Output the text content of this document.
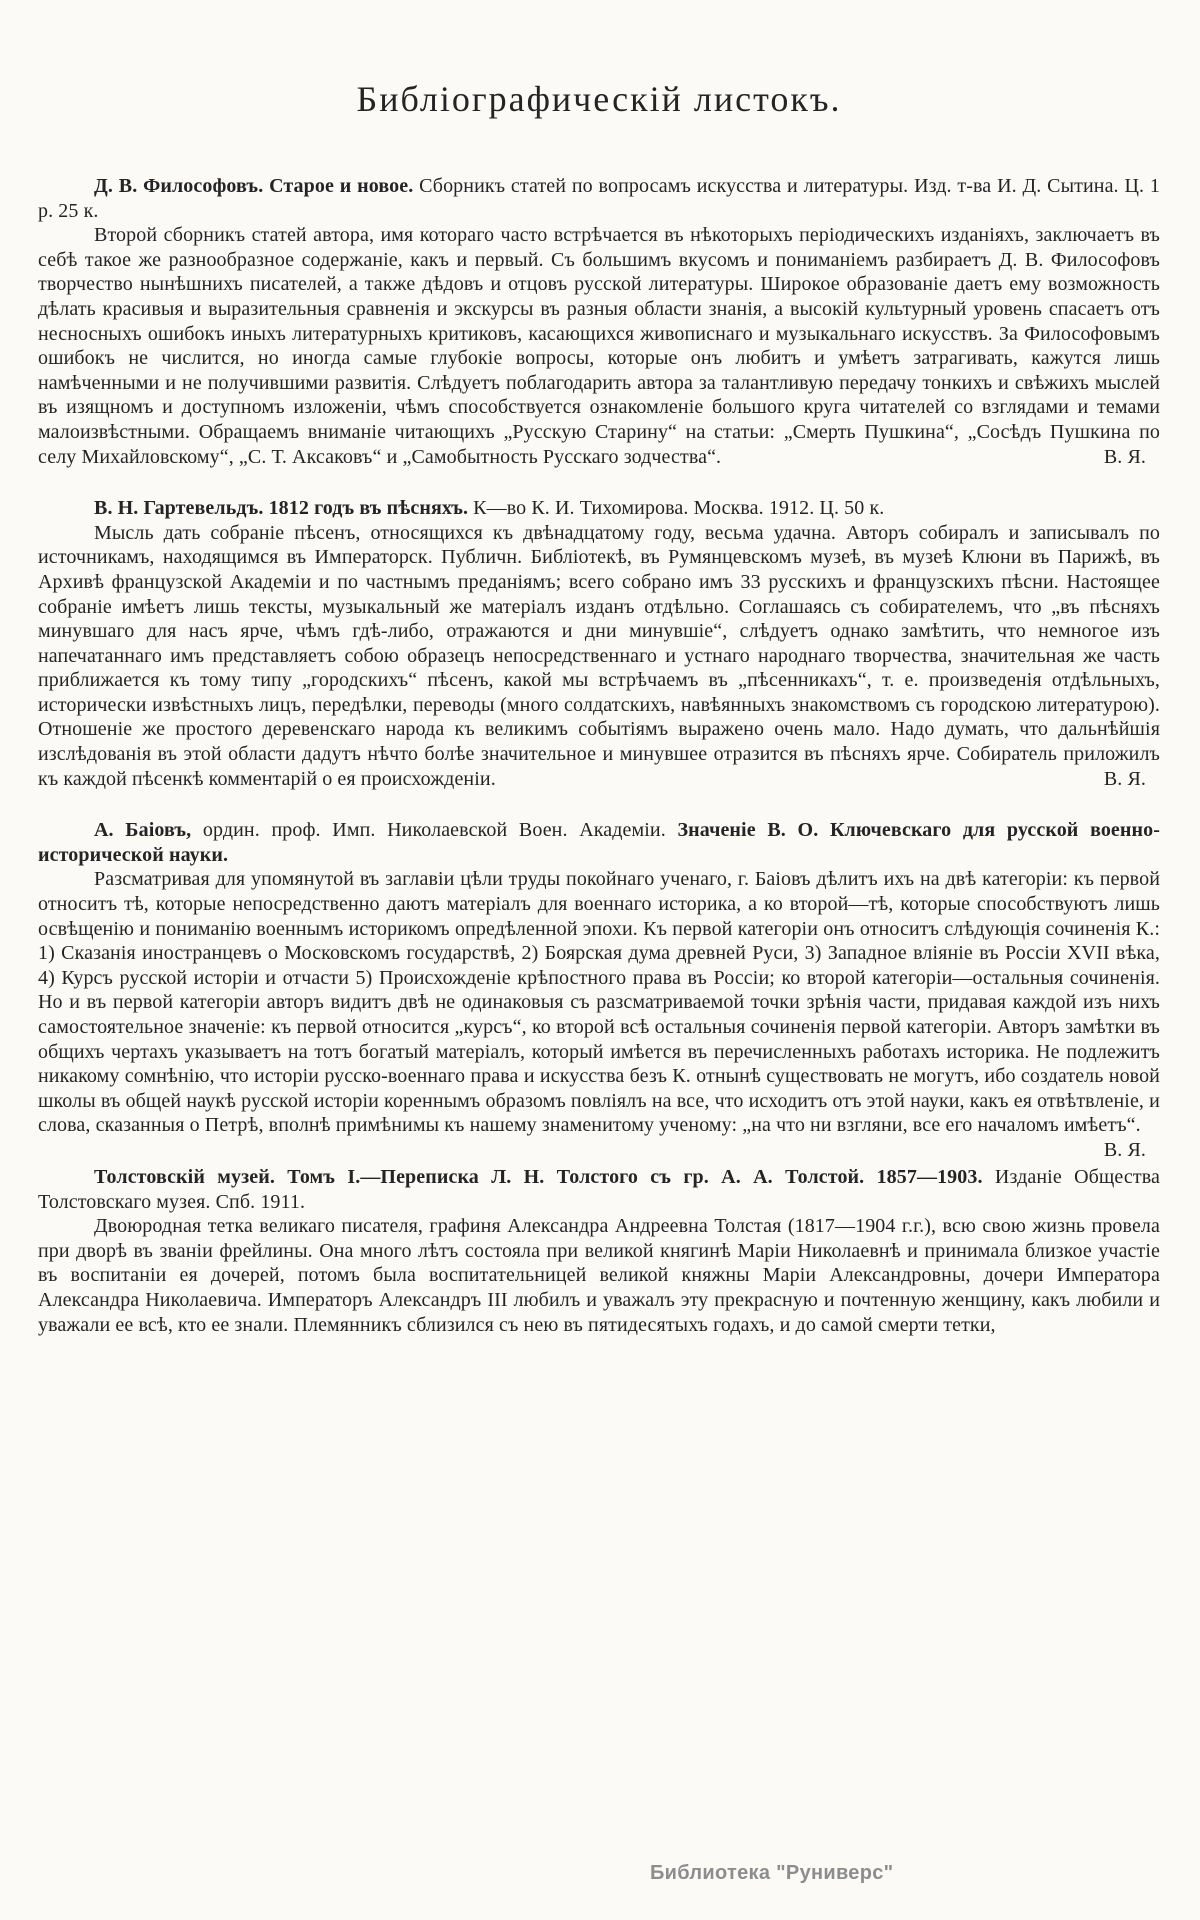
Библіографическій листокъ.

Д. В. Философовъ. Старое и новое. Сборникъ статей по вопросамъ искусства и литературы. Изд. т-ва И. Д. Сытина. Ц. 1 р. 25 к.

Второй сборникъ статей автора, имя котораго часто встрѣчается въ нѣкоторыхъ періодическихъ изданіяхъ, заключаетъ въ себѣ такое же разнообразное содержаніе, какъ и первый. Съ большимъ вкусомъ и пониманіемъ разбираетъ Д. В. Философовъ творчество нынѣшнихъ писателей, а также дѣдовъ и отцовъ русской литературы. Широкое образованіе даетъ ему возможность дѣлать красивыя и выразительныя сравненія и экскурсы въ разныя области знанія, а высокій культурный уровень спасаетъ отъ несносныхъ ошибокъ иныхъ литературныхъ критиковъ, касающихся живописнаго и музыкальнаго искусствъ. За Философовымъ ошибокъ не числится, но иногда самые глубокіе вопросы, которые онъ любитъ и умѣетъ затрагивать, кажутся лишь намѣченными и не получившими развитія. Слѣдуетъ поблагодарить автора за талантливую передачу тонкихъ и свѣжихъ мыслей въ изящномъ и доступномъ изложеніи, чѣмъ способствуется ознакомленіе большого круга читателей со взглядами и темами малоизвѣстными. Обращаемъ вниманіе читающихъ „Русскую Старину“ на статьи: „Смерть Пушкина“, „Сосѣдъ Пушкина по селу Михайловскому“, „С. Т. Аксаковъ“ и „Самобытность Русскаго зодчества“.	В. Я.

В. Н. Гартевельдъ. 1812 годъ въ пѣсняхъ. К—во К. И. Тихомирова. Москва. 1912. Ц. 50 к.

Мысль дать собраніе пѣсенъ, относящихся къ двѣнадцатому году, весьма удачна. Авторъ собиралъ и записывалъ по источникамъ, находящимся въ Императорск. Публичн. Библіотекѣ, въ Румянцевскомъ музеѣ, въ музеѣ Клюни въ Парижѣ, въ Архивѣ французской Академіи и по частнымъ преданіямъ; всего собрано имъ 33 русскихъ и французскихъ пѣсни. Настоящее собраніе имѣетъ лишь тексты, музыкальный же матеріалъ изданъ отдѣльно. Соглашаясь съ собирателемъ, что „въ пѣсняхъ минувшаго для насъ ярче, чѣмъ гдѣ-либо, отражаются и дни минувшіе“, слѣдуетъ однако замѣтить, что немногое изъ напечатаннаго имъ представляетъ собою образецъ непосредственнаго и устнаго народнаго творчества, значительная же часть приближается къ тому типу „городскихъ“ пѣсенъ, какой мы встрѣчаемъ въ „пѣсенникахъ“, т. е. произведенія отдѣльныхъ, исторически извѣстныхъ лицъ, передѣлки, переводы (много солдатскихъ, навѣянныхъ знакомствомъ съ городскою литературою). Отношеніе же простого деревенскаго народа къ великимъ событіямъ выражено очень мало. Надо думать, что дальнѣйшія изслѣдованія въ этой области дадутъ нѣчто болѣе значительное и минувшее отразится въ пѣсняхъ ярче. Собиратель приложилъ къ каждой пѣсенкѣ комментарій о ея происхожденіи.	В. Я.

А. Баіовъ, ордин. проф. Имп. Николаевской Воен. Академіи. Значеніе В. О. Ключевскаго для русской военно-исторической науки.

Разсматривая для упомянутой въ заглавіи цѣли труды покойнаго ученаго, г. Баіовъ дѣлитъ ихъ на двѣ категоріи: къ первой относитъ тѣ, которые непосредственно даютъ матеріалъ для военнаго историка, а ко второй—тѣ, которые способствуютъ лишь освѣщенію и пониманію военнымъ историкомъ опредѣленной эпохи. Къ первой категоріи онъ относитъ слѣдующія сочиненія К.: 1) Сказанія иностранцевъ о Московскомъ государствѣ, 2) Боярская дума древней Руси, 3) Западное вліяніе въ Россіи XVII вѣка, 4) Курсъ русской исторіи и отчасти 5) Происхожденіе крѣпостного права въ Россіи; ко второй категоріи—остальныя сочиненія. Но и въ первой категоріи авторъ видитъ двѣ не одинаковыя съ разсматриваемой точки зрѣнія части, придавая каждой изъ нихъ самостоятельное значеніе: къ первой относится „курсъ“, ко второй всѣ остальныя сочиненія первой категоріи. Авторъ замѣтки въ общихъ чертахъ указываетъ на тотъ богатый матеріалъ, который имѣется въ перечисленныхъ работахъ историка. Не подлежитъ никакому сомнѣнію, что исторіи русско-военнаго права и искусства безъ К. отнынѣ существовать не могутъ, ибо создатель новой школы въ общей наукѣ русской исторіи кореннымъ образомъ повліялъ на все, что исходитъ отъ этой науки, какъ ея отвѣтвленіе, и слова, сказанныя о Петрѣ, вполнѣ примѣнимы къ нашему знаменитому ученому: „на что ни взгляни, все его началомъ имѣетъ“.
В. Я.

Толстовскій музей. Томъ I.—Переписка Л. Н. Толстого съ гр. А. А. Толстой. 1857—1903. Изданіе Общества Толстовскаго музея. Спб. 1911.

Двоюродная тетка великаго писателя, графиня Александра Андреевна Толстая (1817—1904 г.г.), всю свою жизнь провела при дворѣ въ званіи фрейлины. Она много лѣтъ состояла при великой княгинѣ Маріи Николаевнѣ и принимала близкое участіе въ воспитаніи ея дочерей, потомъ была воспитательницей великой княжны Маріи Александровны, дочери Императора Александра Николаевича. Императоръ Александръ III любилъ и уважалъ эту прекрасную и почтенную женщину, какъ любили и уважали ее всѣ, кто ее знали. Племянникъ сблизился съ нею въ пятидесятыхъ годахъ, и до самой смерти тетки,

Библиотека "Руниверс"
